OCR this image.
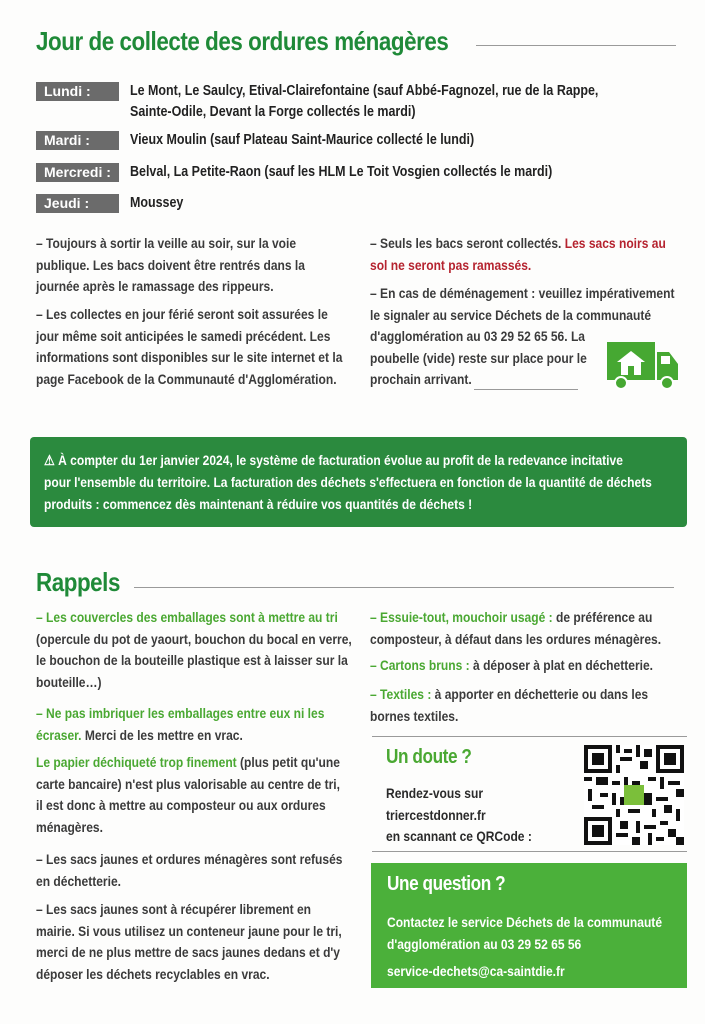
Jour de collecte des ordures ménagères
Lundi :	Le Mont, Le Saulcy, Etival-Clairefontaine (sauf Abbé-Fagnozel, rue de la Rappe,
Sainte-Odile, Devant la Forge collectés le mardi)
Mardi :	Vieux Moulin (sauf Plateau Saint-Maurice collecté le lundi)
Mercredi :	Belval, La Petite-Raon (sauf les HLM Le Toit Vosgien collectés le mardi)
Jeudi :	Moussey
– Toujours à sortir la veille au soir, sur la voie
publique. Les bacs doivent être rentrés dans la
journée après le ramassage des rippeurs.
– Les collectes en jour férié seront soit assurées le
jour même soit anticipées le samedi précédent. Les
informations sont disponibles sur le site internet et la
page Facebook de la Communauté d'Agglomération.
– Seuls les bacs seront collectés. Les sacs noirs au
sol ne seront pas ramassés.
– En cas de déménagement : veuillez impérativement
le signaler au service Déchets de la communauté
d'agglomération au 03 29 52 65 56. La
poubelle (vide) reste sur place pour le
prochain arrivant.
⚠ À compter du 1er janvier 2024, le système de facturation évolue au profit de la redevance incitative
pour l'ensemble du territoire. La facturation des déchets s'effectuera en fonction de la quantité de déchets
produits : commencez dès maintenant à réduire vos quantités de déchets !
Rappels
– Les couvercles des emballages sont à mettre au tri
(opercule du pot de yaourt, bouchon du bocal en verre,
le bouchon de la bouteille plastique est à laisser sur la
bouteille…)
– Ne pas imbriquer les emballages entre eux ni les
écraser. Merci de les mettre en vrac.
Le papier déchiqueté trop finement (plus petit qu'une
carte bancaire) n'est plus valorisable au centre de tri,
il est donc à mettre au composteur ou aux ordures
ménagères.
– Les sacs jaunes et ordures ménagères sont refusés
en déchetterie.
– Les sacs jaunes sont à récupérer librement en
mairie. Si vous utilisez un conteneur jaune pour le tri,
merci de ne plus mettre de sacs jaunes dedans et d'y
déposer les déchets recyclables en vrac.
– Essuie-tout, mouchoir usagé : de préférence au
composteur, à défaut dans les ordures ménagères.
– Cartons bruns : à déposer à plat en déchetterie.
– Textiles : à apporter en déchetterie ou dans les
bornes textiles.
Un doute ?
Rendez-vous sur
triercestdonner.fr
en scannant ce QRCode :
Une question ?
Contactez le service Déchets de la communauté
d'agglomération au 03 29 52 65 56
service-dechets@ca-saintdie.fr
